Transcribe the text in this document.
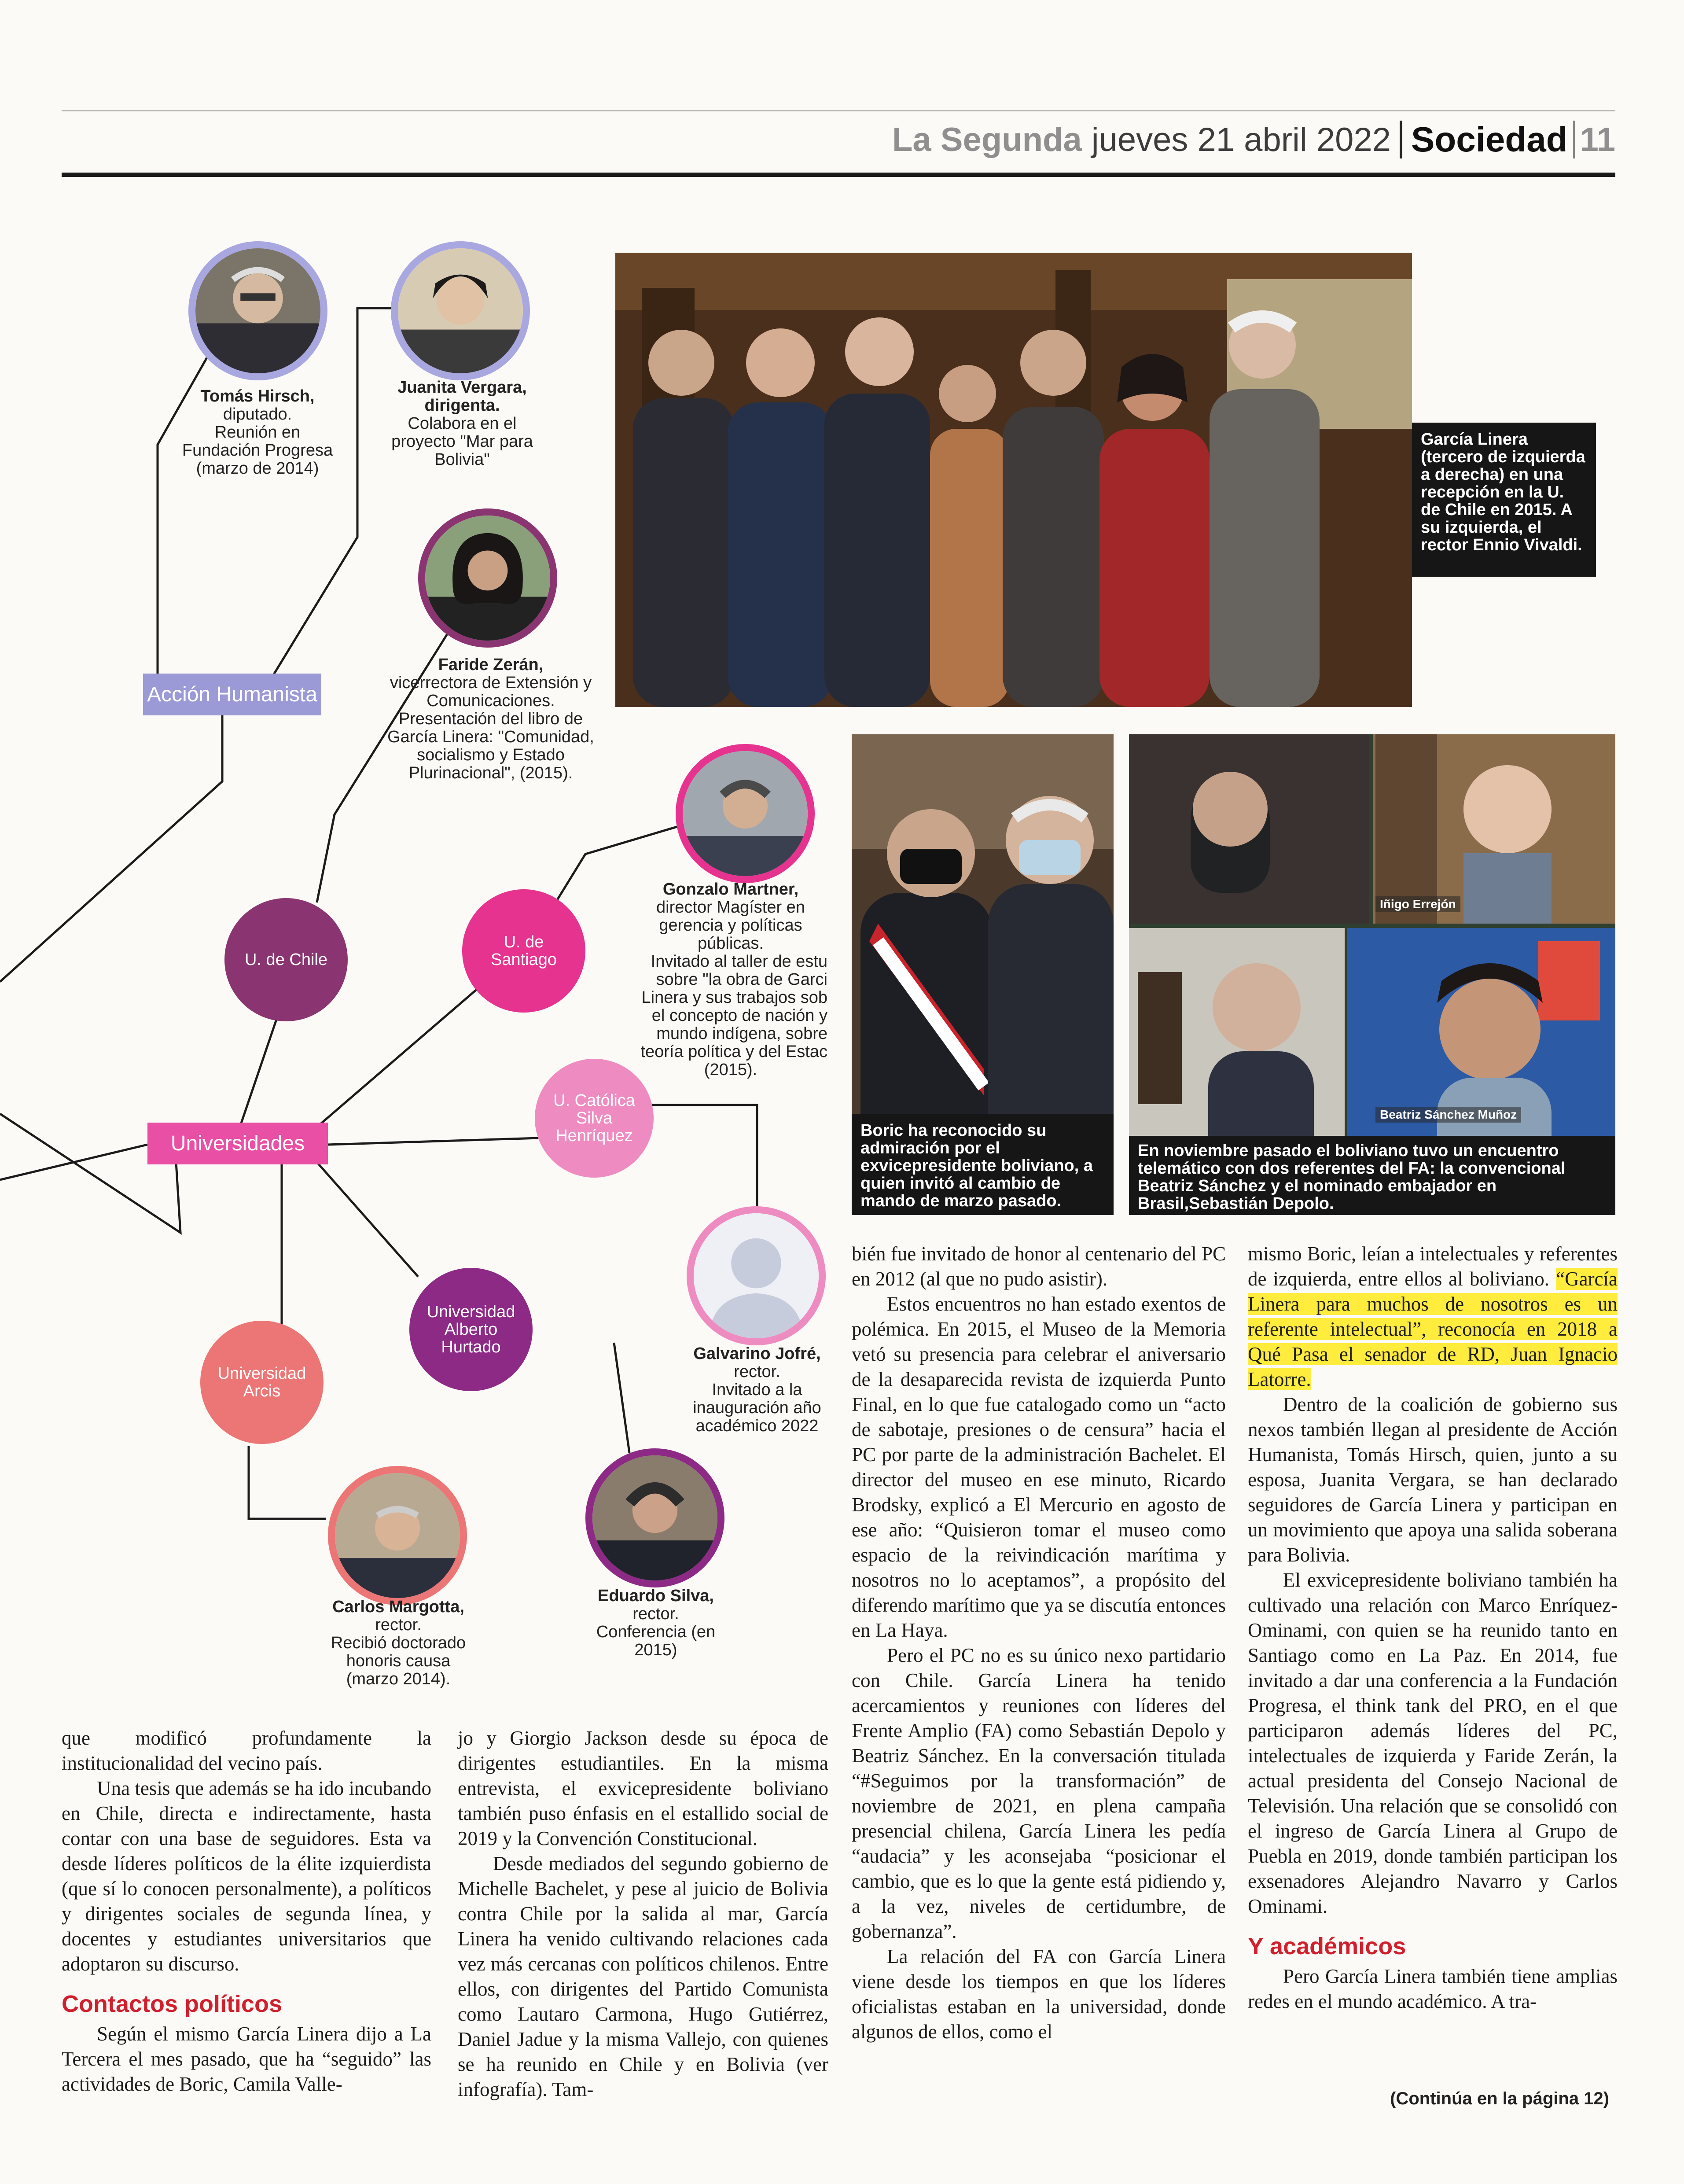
La Segunda jueves 21 abril 2022 Sociedad 11
Tomás Hirsch,
diputado.
Reunión en
Fundación Progresa
(marzo de 2014)
Juanita Vergara,
dirigenta.
Colabora en el
proyecto "Mar para
Bolivia"
Faride Zerán,
vicerrectora de Extensión y
Comunicaciones.
Presentación del libro de
García Linera: "Comunidad,
socialismo y Estado
Plurinacional", (2015).
Gonzalo Martner,
director Magíster en
gerencia y políticas
públicas.
Invitado al taller de estu
sobre "la obra de Garci
Linera y sus trabajos sob
el concepto de nación y
mundo indígena, sobre
teoría política y del Estac
(2015).
Galvarino Jofré,
rector.
Invitado a la
inauguración año
académico 2022
Eduardo Silva,
rector.
Conferencia (en
2015)
Carlos Margotta,
rector.
Recibió doctorado
honoris causa
(marzo 2014).
Acción Humanista
Universidades
U. de Chile
U. de Santiago
U. Católica Silva Henríquez
Universidad Alberto Hurtado
Universidad Arcis
García Linera (tercero de izquierda a derecha) en una recepción en la U. de Chile en 2015. A su izquierda, el rector Ennio Vivaldi.
Boric ha reconocido su admiración por el exvicepresidente boliviano, a quien invitó al cambio de mando de marzo pasado.
Iñigo Errejón
Beatriz Sánchez Muñoz
En noviembre pasado el boliviano tuvo un encuentro telemático con dos referentes del FA: la convencional Beatriz Sánchez y el nominado embajador en Brasil,Sebastián Depolo.

que modificó profundamente la institucionalidad del vecino país.

Una tesis que además se ha ido incubando en Chile, directa e indirectamente, hasta contar con una base de seguidores. Esta va desde líderes políticos de la élite izquierdista (que sí lo conocen personalmente), a políticos y dirigentes sociales de segunda línea, y docentes y estudiantes universitarios que adoptaron su discurso.

Contactos políticos

Según el mismo García Linera dijo a La Tercera el mes pasado, que ha “seguido” las actividades de Boric, Camila Valle-

jo y Giorgio Jackson desde su época de dirigentes estudiantiles. En la misma entrevista, el exvicepresidente boliviano también puso énfasis en el estallido social de 2019 y la Convención Constitucional.

Desde mediados del segundo gobierno de Michelle Bachelet, y pese al juicio de Bolivia contra Chile por la salida al mar, García Linera ha venido cultivando relaciones cada vez más cercanas con políticos chilenos. Entre ellos, con dirigentes del Partido Comunista como Lautaro Carmona, Hugo Gutiérrez, Daniel Jadue y la misma Vallejo, con quienes se ha reunido en Chile y en Bolivia (ver infografía). Tam-

bién fue invitado de honor al centenario del PC en 2012 (al que no pudo asistir).

Estos encuentros no han estado exentos de polémica. En 2015, el Museo de la Memoria vetó su presencia para celebrar el aniversario de la desaparecida revista de izquierda Punto Final, en lo que fue catalogado como un “acto de sabotaje, presiones o de censura” hacia el PC por parte de la administración Bachelet. El director del museo en ese minuto, Ricardo Brodsky, explicó a El Mercurio en agosto de ese año: “Quisieron tomar el museo como espacio de la reivindicación marítima y nosotros no lo aceptamos”, a propósito del diferendo marítimo que ya se discutía entonces en La Haya.

Pero el PC no es su único nexo partidario con Chile. García Linera ha tenido acercamientos y reuniones con líderes del Frente Amplio (FA) como Sebastián Depolo y Beatriz Sánchez. En la conversación titulada “#Seguimos por la transformación” de noviembre de 2021, en plena campaña presencial chilena, García Linera les pedía “audacia” y les aconsejaba “posicionar el cambio, que es lo que la gente está pidiendo y, a la vez, niveles de certidumbre, de gobernanza”.

La relación del FA con García Linera viene desde los tiempos en que los líderes oficialistas estaban en la universidad, donde algunos de ellos, como el

mismo Boric, leían a intelectuales y referentes de izquierda, entre ellos al boliviano. “García Linera para muchos de nosotros es un referente intelectual”, reconocía en 2018 a Qué Pasa el senador de RD, Juan Ignacio Latorre.

Dentro de la coalición de gobierno sus nexos también llegan al presidente de Acción Humanista, Tomás Hirsch, quien, junto a su esposa, Juanita Vergara, se han declarado seguidores de García Linera y participan en un movimiento que apoya una salida soberana para Bolivia.

El exvicepresidente boliviano también ha cultivado una relación con Marco Enríquez-Ominami, con quien se ha reunido tanto en Santiago como en La Paz. En 2014, fue invitado a dar una conferencia a la Fundación Progresa, el think tank del PRO, en el que participaron además líderes del PC, intelectuales de izquierda y Faride Zerán, la actual presidenta del Consejo Nacional de Televisión. Una relación que se consolidó con el ingreso de García Linera al Grupo de Puebla en 2019, donde también participan los exsenadores Alejandro Navarro y Carlos Ominami.

Y académicos

Pero García Linera también tiene amplias redes en el mundo académico. A tra-

(Continúa en la página 12)
